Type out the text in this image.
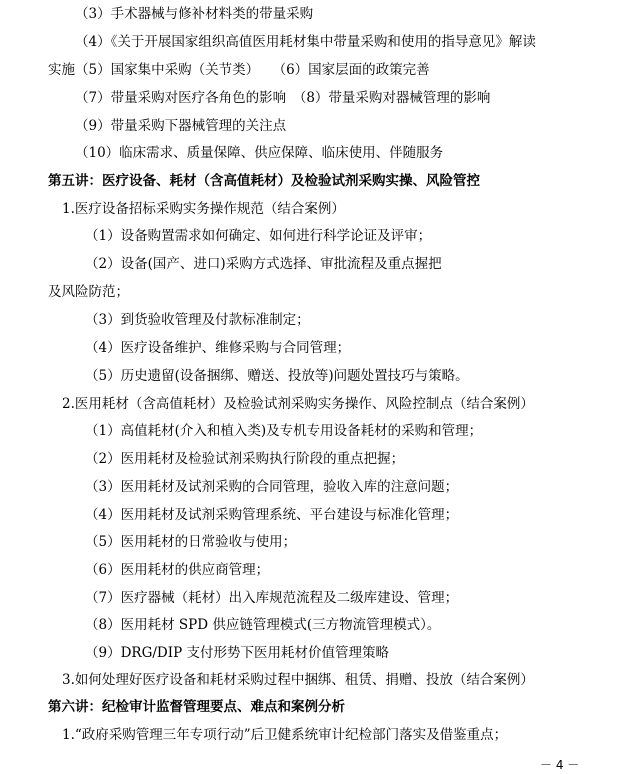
（3）手术器械与修补材料类的带量采购
（4）《关于开展国家组织高值医用耗材集中带量采购和使用的指导意见》解读
实施（5）国家集中采购（关节类）　　（6）国家层面的政策完善
（7）带量采购对医疗各角色的影响　（8）带量采购对器械管理的影响
（9）带量采购下器械管理的关注点
（10）临床需求、质量保障、供应保障、临床使用、伴随服务
第五讲：医疗设备、耗材（含高值耗材）及检验试剂采购实操、风险管控
1.医疗设备招标采购实务操作规范（结合案例）
（1）设备购置需求如何确定、如何进行科学论证及评审；
（2）设备(国产、进口)采购方式选择、审批流程及重点握把
及风险防范；
（3）到货验收管理及付款标准制定；
（4）医疗设备维护、维修采购与合同管理；
（5）历史遗留(设备捆绑、赠送、投放等)问题处置技巧与策略。
2.医用耗材（含高值耗材）及检验试剂采购实务操作、风险控制点（结合案例）
（1）高值耗材(介入和植入类)及专机专用设备耗材的采购和管理；
（2）医用耗材及检验试剂采购执行阶段的重点把握；
（3）医用耗材及试剂采购的合同管理，验收入库的注意问题；
（4）医用耗材及试剂采购管理系统、平台建设与标准化管理；
（5）医用耗材的日常验收与使用；
（6）医用耗材的供应商管理；
（7）医疗器械（耗材）出入库规范流程及二级库建设、管理；
（8）医用耗材 SPD 供应链管理模式(三方物流管理模式）。
（9）DRG/DIP 支付形势下医用耗材价值管理策略
3.如何处理好医疗设备和耗材采购过程中捆绑、租赁、捐赠、投放（结合案例）
第六讲：纪检审计监督管理要点、难点和案例分析
1.“政府采购管理三年专项行动”后卫健系统审计纪检部门落实及借鉴重点；
－ 4 －
